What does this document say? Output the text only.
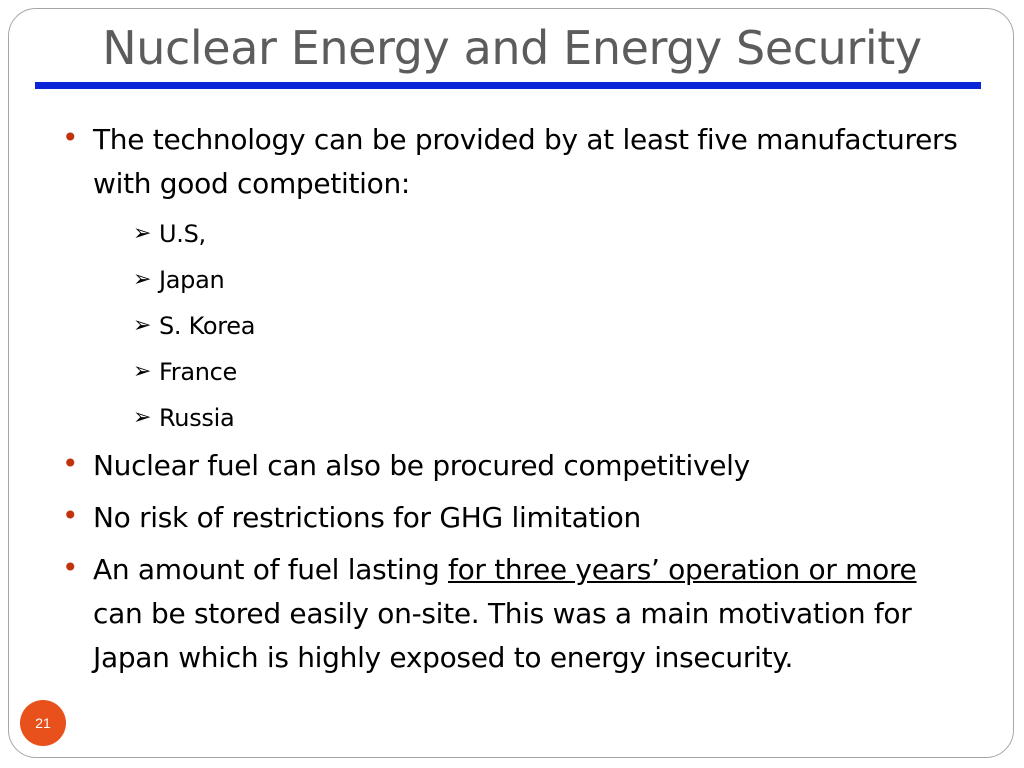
Nuclear Energy and Energy Security
• The technology can be provided by at least five manufacturers with good competition:
➢ U.S,
➢ Japan
➢ S. Korea
➢ France
➢ Russia
• Nuclear fuel can also be procured competitively
• No risk of restrictions for GHG limitation
• An amount of fuel lasting for three years’ operation or more can be stored easily on-site. This was a main motivation for Japan which is highly exposed to energy insecurity.
21
